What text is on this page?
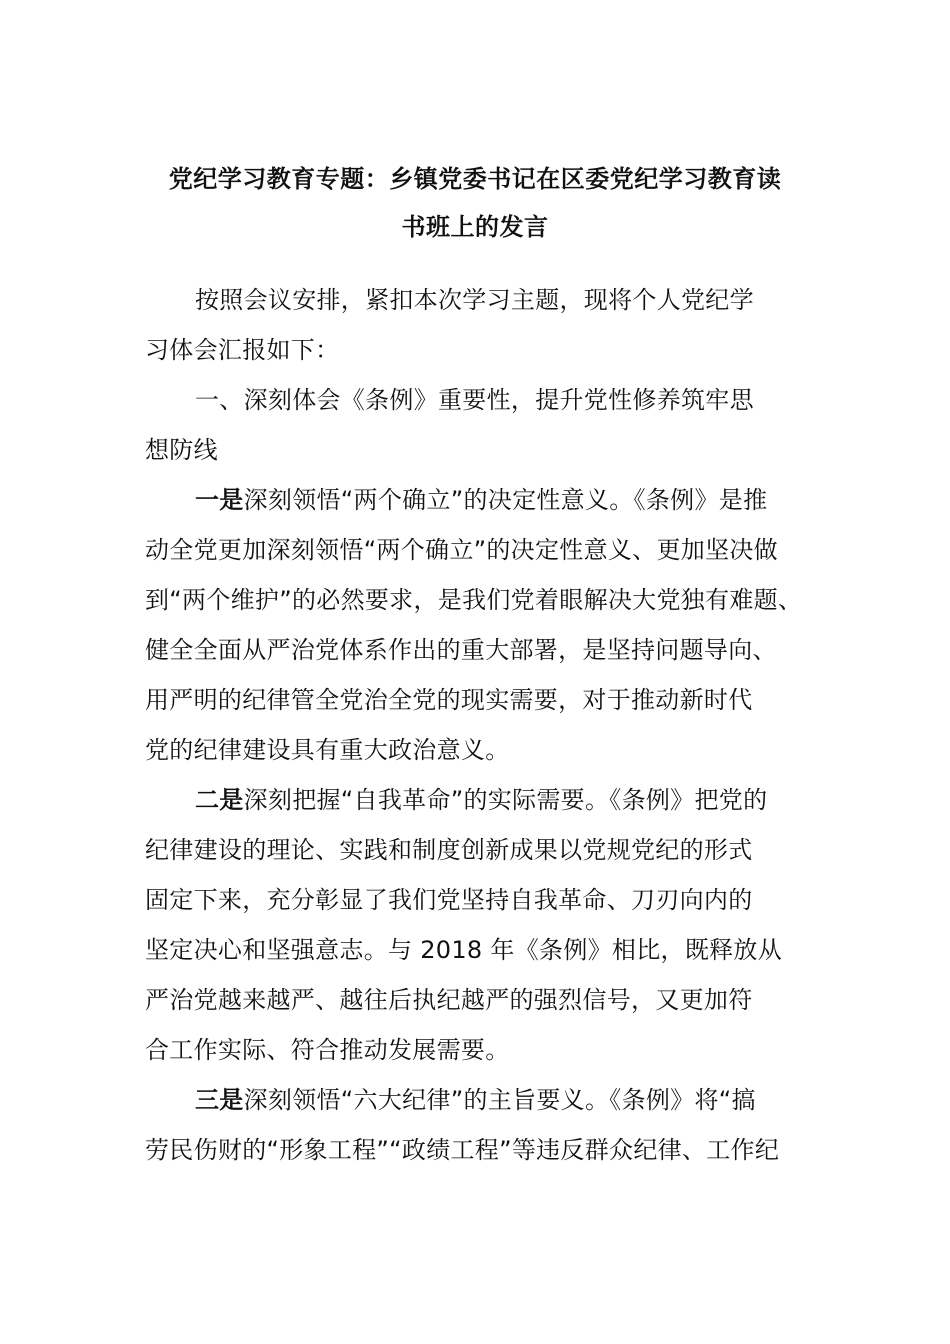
党纪学习教育专题：乡镇党委书记在区委党纪学习教育读
书班上的发言
按照会议安排，紧扣本次学习主题，现将个人党纪学
习体会汇报如下：
一、深刻体会《条例》重要性，提升党性修养筑牢思
想防线
一是深刻领悟“两个确立”的决定性意义。《条例》是推
动全党更加深刻领悟“两个确立”的决定性意义、更加坚决做
到“两个维护”的必然要求，是我们党着眼解决大党独有难题、
健全全面从严治党体系作出的重大部署，是坚持问题导向、
用严明的纪律管全党治全党的现实需要，对于推动新时代
党的纪律建设具有重大政治意义。
二是深刻把握“自我革命”的实际需要。《条例》把党的
纪律建设的理论、实践和制度创新成果以党规党纪的形式
固定下来，充分彰显了我们党坚持自我革命、刀刃向内的
坚定决心和坚强意志。与 2018 年《条例》相比，既释放从
严治党越来越严、越往后执纪越严的强烈信号，又更加符
合工作实际、符合推动发展需要。
三是深刻领悟“六大纪律”的主旨要义。《条例》将“搞
劳民伤财的“形象工程”“政绩工程”等违反群众纪律、工作纪
